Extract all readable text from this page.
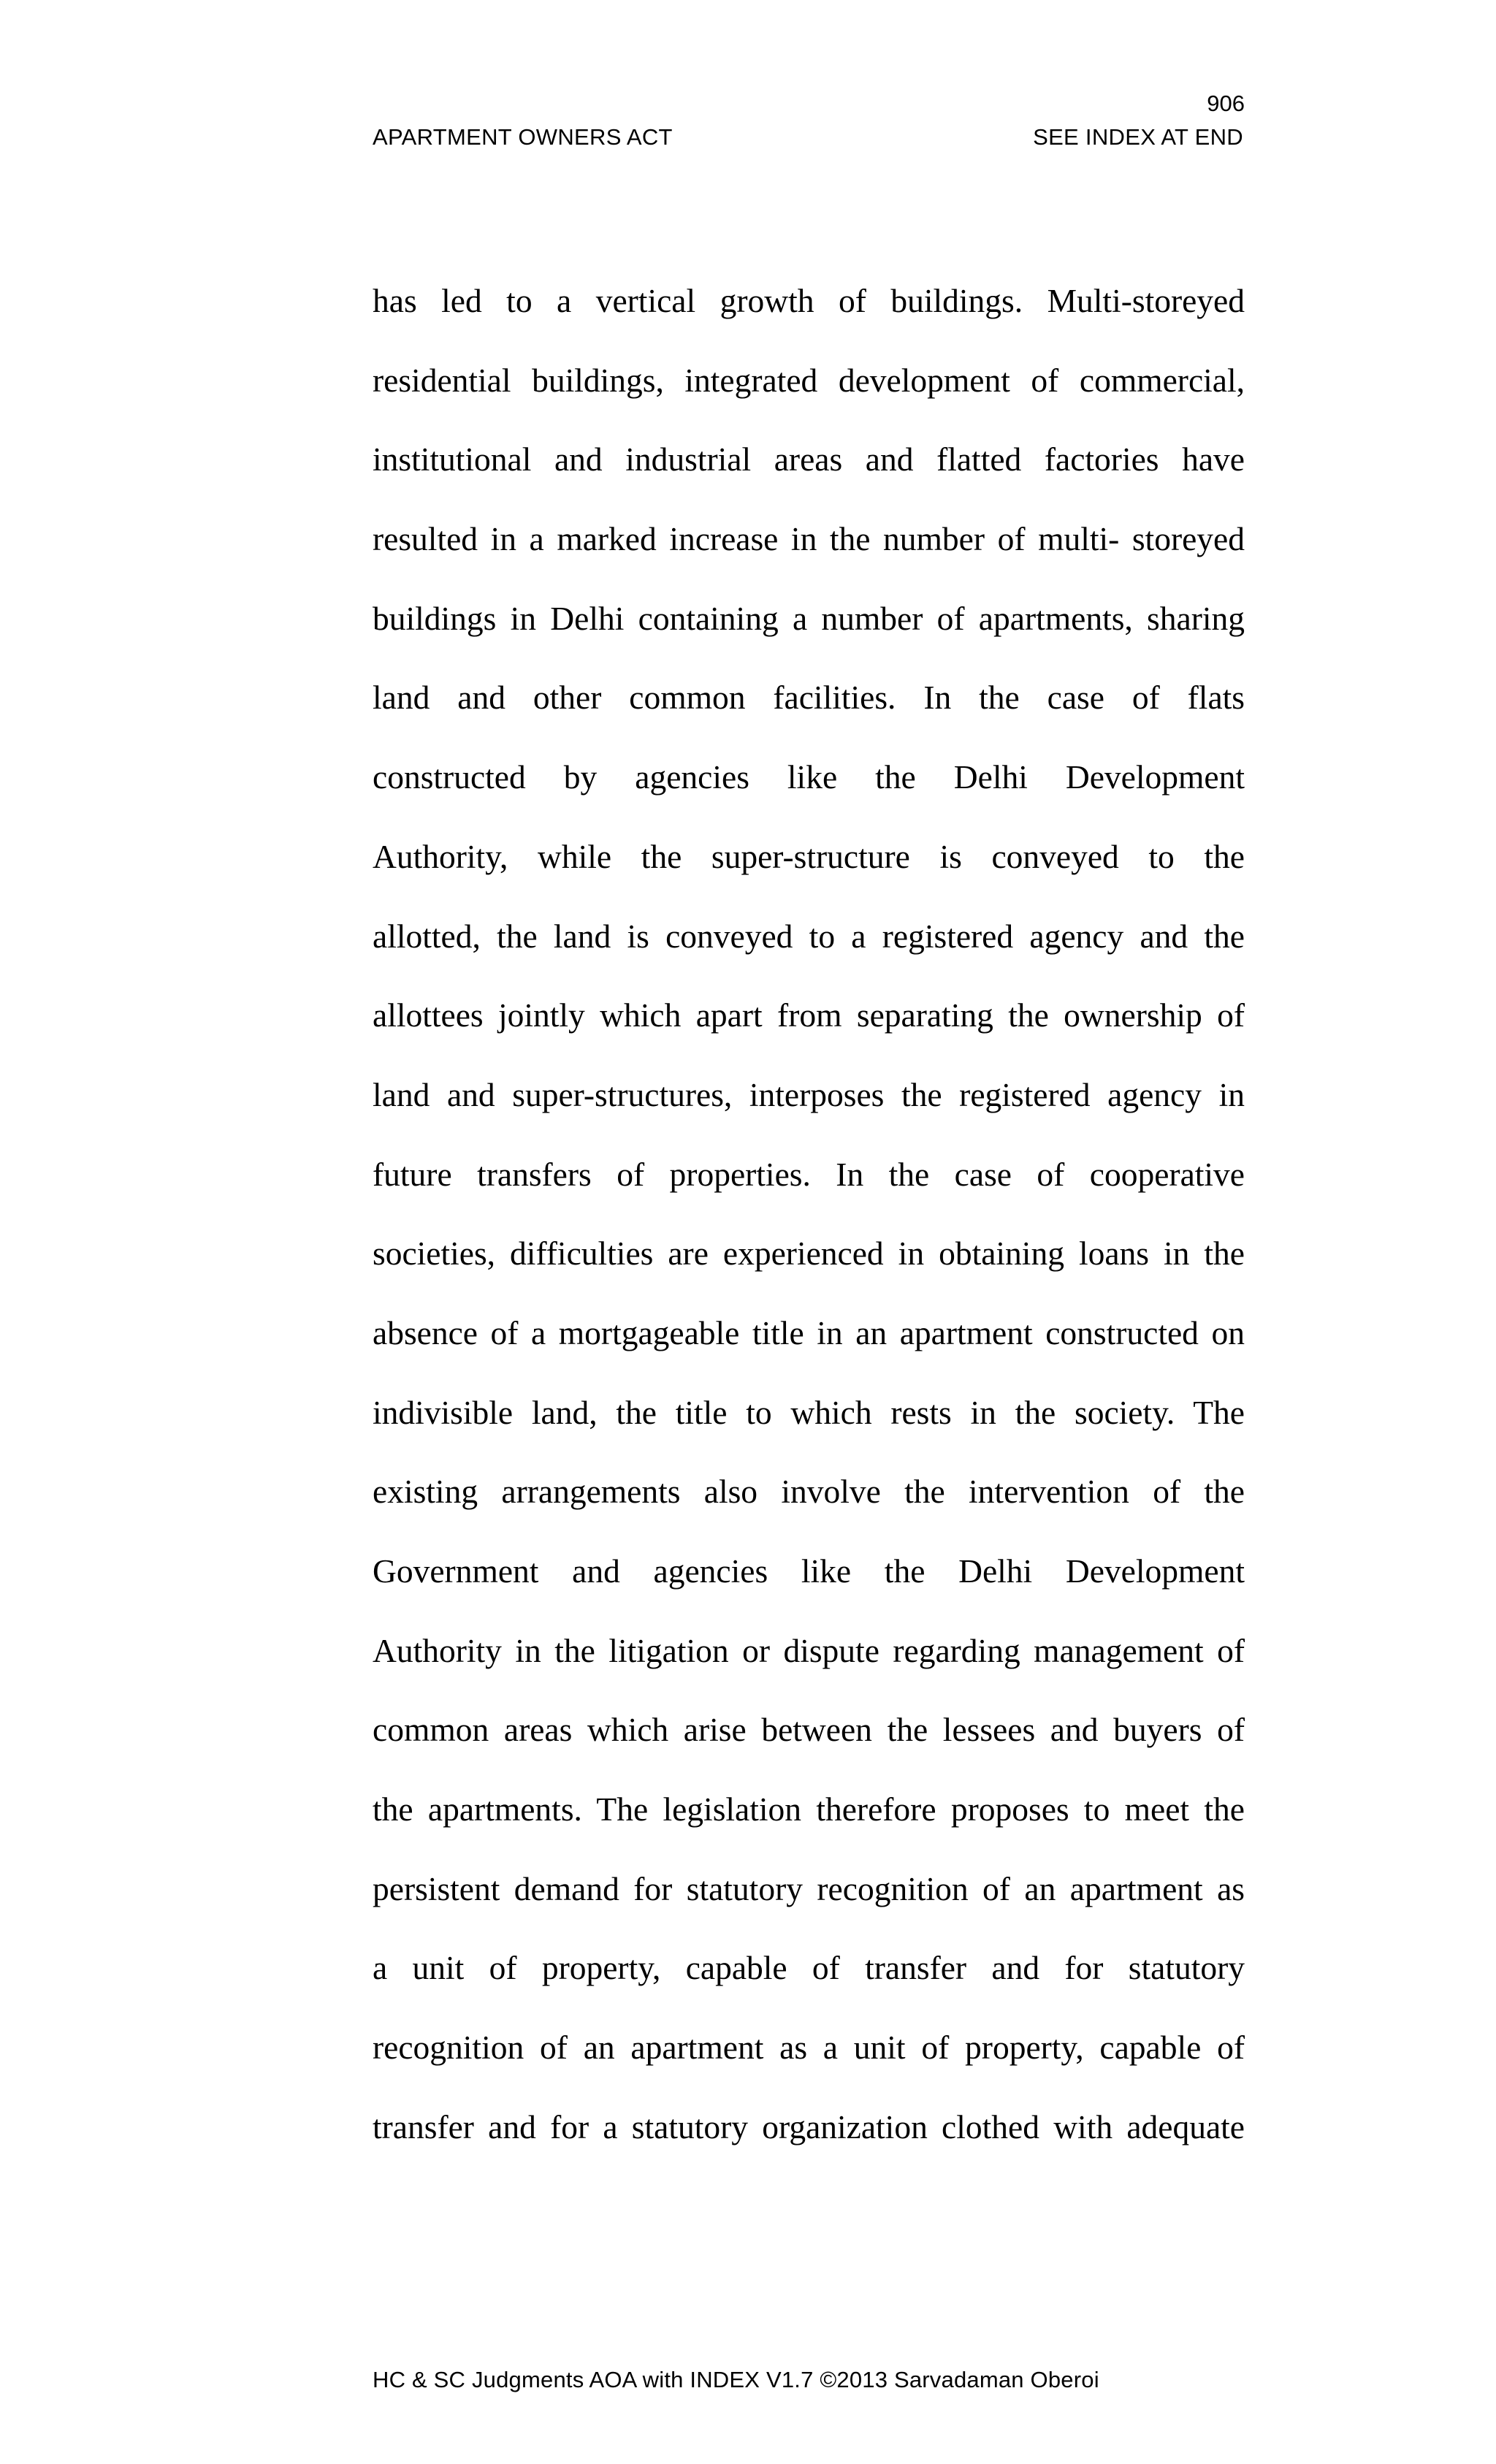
906
APARTMENT OWNERS ACT	SEE INDEX AT END
has led to a vertical growth of buildings. Multi-storeyed
residential buildings, integrated development of commercial,
institutional and industrial areas and flatted factories have
resulted in a marked increase in the number of multi- storeyed
buildings in Delhi containing a number of apartments, sharing
land and other common facilities. In the case of flats
constructed by agencies like the Delhi Development
Authority, while the super-structure is conveyed to the
allotted, the land is conveyed to a registered agency and the
allottees jointly which apart from separating the ownership of
land and super-structures, interposes the registered agency in
future transfers of properties. In the case of cooperative
societies, difficulties are experienced in obtaining loans in the
absence of a mortgageable title in an apartment constructed on
indivisible land, the title to which rests in the society. The
existing arrangements also involve the intervention of the
Government and agencies like the Delhi Development
Authority in the litigation or dispute regarding management of
common areas which arise between the lessees and buyers of
the apartments. The legislation therefore proposes to meet the
persistent demand for statutory recognition of an apartment as
a unit of property, capable of transfer and for statutory
recognition of an apartment as a unit of property, capable of
transfer and for a statutory organization clothed with adequate
HC & SC Judgments AOA with INDEX V1.7 ©2013 Sarvadaman Oberoi
